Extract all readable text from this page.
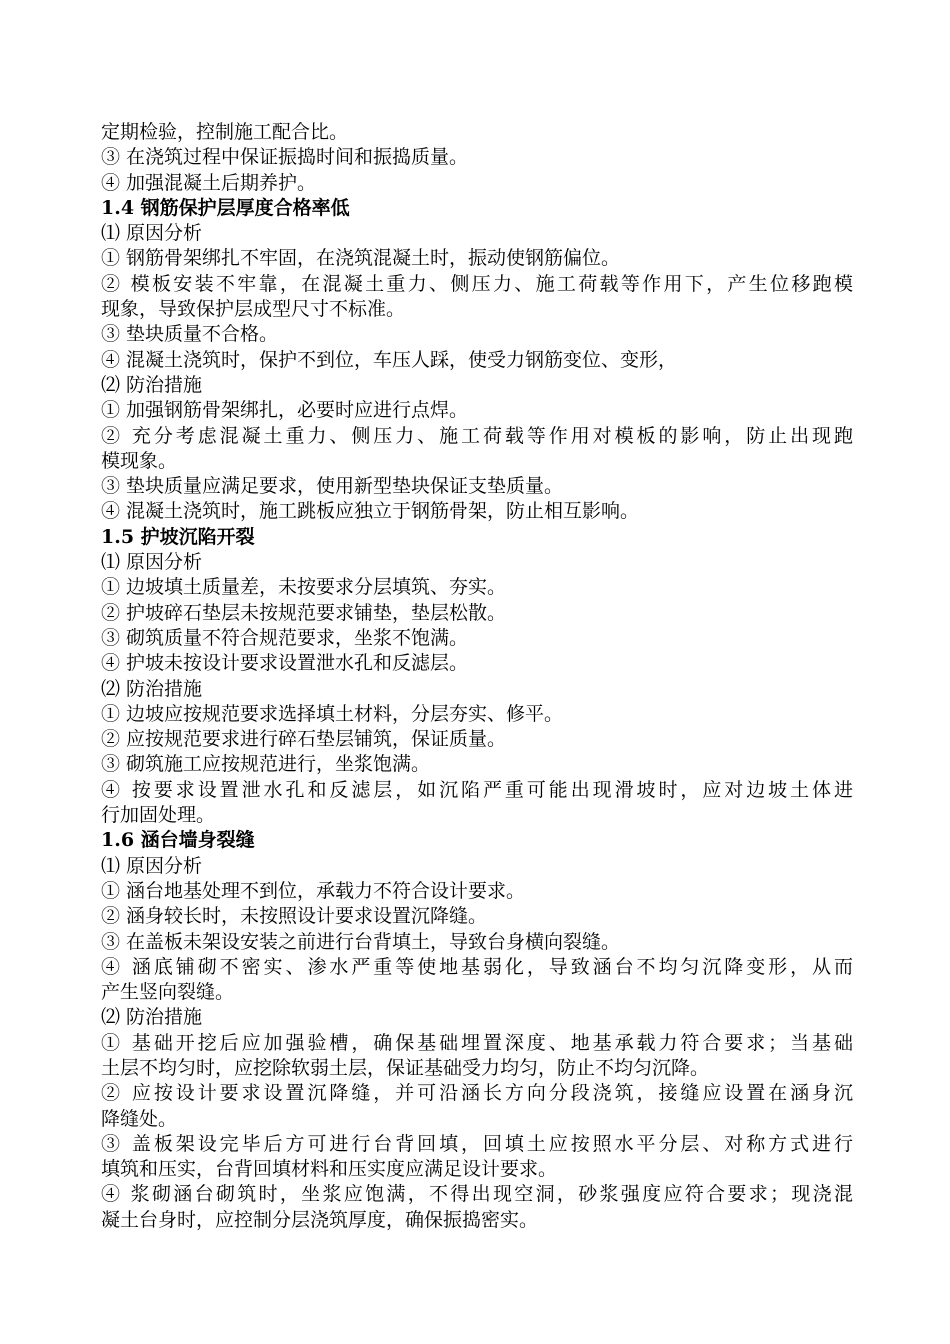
定期检验，控制施工配合比。

③ 在浇筑过程中保证振捣时间和振捣质量。

④ 加强混凝土后期养护。

1.4 钢筋保护层厚度合格率低

⑴ 原因分析

① 钢筋骨架绑扎不牢固，在浇筑混凝土时，振动使钢筋偏位。

② 模板安装不牢靠，在混凝土重力、侧压力、施工荷载等作用下，产生位移跑模

现象，导致保护层成型尺寸不标准。

③ 垫块质量不合格。

④ 混凝土浇筑时，保护不到位，车压人踩，使受力钢筋变位、变形，

⑵ 防治措施

① 加强钢筋骨架绑扎，必要时应进行点焊。

② 充分考虑混凝土重力、侧压力、施工荷载等作用对模板的影响，防止出现跑

模现象。

③ 垫块质量应满足要求，使用新型垫块保证支垫质量。

④ 混凝土浇筑时，施工跳板应独立于钢筋骨架，防止相互影响。

1.5 护坡沉陷开裂

⑴ 原因分析

① 边坡填土质量差，未按要求分层填筑、夯实。

② 护坡碎石垫层未按规范要求铺垫，垫层松散。

③ 砌筑质量不符合规范要求，坐浆不饱满。

④ 护坡未按设计要求设置泄水孔和反滤层。

⑵ 防治措施

① 边坡应按规范要求选择填土材料，分层夯实、修平。

② 应按规范要求进行碎石垫层铺筑，保证质量。

③ 砌筑施工应按规范进行，坐浆饱满。

④ 按要求设置泄水孔和反滤层，如沉陷严重可能出现滑坡时，应对边坡土体进

行加固处理。

1.6 涵台墙身裂缝

⑴ 原因分析

① 涵台地基处理不到位，承载力不符合设计要求。

② 涵身较长时，未按照设计要求设置沉降缝。

③ 在盖板未架设安装之前进行台背填土，导致台身横向裂缝。

④ 涵底铺砌不密实、渗水严重等使地基弱化，导致涵台不均匀沉降变形，从而

产生竖向裂缝。

⑵ 防治措施

① 基础开挖后应加强验槽，确保基础埋置深度、地基承载力符合要求；当基础

土层不均匀时，应挖除软弱土层，保证基础受力均匀，防止不均匀沉降。

② 应按设计要求设置沉降缝，并可沿涵长方向分段浇筑，接缝应设置在涵身沉

降缝处。

③ 盖板架设完毕后方可进行台背回填，回填土应按照水平分层、对称方式进行

填筑和压实，台背回填材料和压实度应满足设计要求。

④ 浆砌涵台砌筑时，坐浆应饱满，不得出现空洞，砂浆强度应符合要求；现浇混

凝土台身时，应控制分层浇筑厚度，确保振捣密实。
